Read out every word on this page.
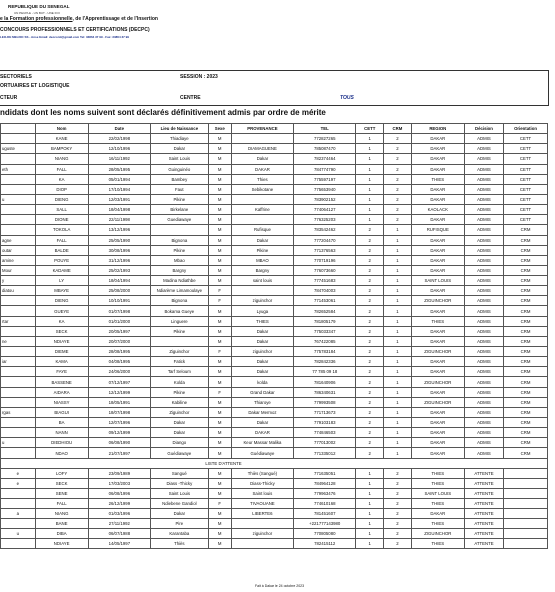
REPUBLIQUE DU SENEGAL
UN PEUPLE - UN BUT - UNE FOI
e la Formation professionnelle, de l'Apprentissage et de l'Insertion
CONCOURS PROFESSIONNELS ET CERTIFICATIONS (DECPC)
LEO-DE MELDIC SS - Anse Email: decconti@gmail.com Tel: 33864 37 99 - Fax: 33864 37 99
SECTORIELS
ORTUAIRES ET LOGISTIQUE
SESSION : 2023
CTEUR	CENTRE	TOUS
ndidats dont les noms suivent sont déclarés définitivement admis par ordre de mérite
	Nom	Date	Lieu de Naissance	Sexe	PROVENANCE	TEL	CETT	CRM	REGION	Décision	Orientation
	KANE	22/02/1998	Thiadiaye	M		772827265	1	2	DAKAR	ADMIS	CETT
uguste	BAMPOKY	12/10/1996	Dakar	M	DIAMAGUENE	785087470	1	2	DAKAR	ADMIS	CETT
	NIANG	16/11/1992	Saint Louis	M	Dakar	782374464	1	2	DAKAR	ADMIS	CETT
eth	FALL	28/05/1995	Guinguinéo	M	DAKAR	784774790	1	2	DAKAR	ADMIS	CETT
	KA	05/01/1994	Bambey	M	Thies	775597197	1	2	THIES	ADMIS	CETT
	DIOP	17/10/1994	Faut	M	Sebikotane	775653940	1	2	DAKAR	ADMIS	CETT
u	DIENG	12/03/1991	Pikine	M		783902152	1	2	DAKAR	ADMIS	CETT
	SALL	18/04/1998	Birkelane	M	Kaffrine	774064127	1	2	KAOLACK	ADMIS	CETT
	DIONE	22/11/1998	Guediawaye	M		776325203	1	2	DAKAR	ADMIS	CETT
	TOKOLA	13/12/1996		M	Rufisque	783542462	2	1	RUFISQUE	ADMIS	CRM
agne	FALL	25/05/1990	Bignona	M	Dakar	777204470	2	1	DAKAR	ADMIS	CRM
outar	BALDE	30/08/1996	Pikine	M	Pikine	771376563	2	1	DAKAR	ADMIS	CRM
amine	POUYE	31/12/1996	Mbao	M	MBAO	770719196	2	1	DAKAR	ADMIS	CRM
Mour	KADAME	25/02/1993	Bargny	M	Bargny	776073660	2	1	DAKAR	ADMIS	CRM
y	LY	18/04/1994	Madina Ndiathbe	M	saint louis	777451683	2	1	SAINT LOUIS	ADMIS	CRM
diatou	MBAYE	25/08/2000	Ndiarème Limamoulaye	F		784704003	2	1	DAKAR	ADMIS	CRM
	DIENG	10/10/1991	Bignona	F	ziguinchor	771453061	2	1	ZIGUINCHOR	ADMIS	CRM
	GUEYE	01/07/1998	Bokama Gueye	M	Lyuga	782652584	2	1	DAKAR	ADMIS	CRM
rtar	KA	01/01/2000	Linguere	M	THIES	781805179	2	1	THIES	ADMIS	CRM
	SECK	20/05/1997	Pikine	M	Dakar	775033347	2	1	DAKAR	ADMIS	CRM
ne	NDIAYE	20/07/2000		M	Dakar	767422085	2	1	DAKAR	ADMIS	CRM
	DIEME	28/08/1995	Ziguinchor	F	ziguinchor	775783184	2	1	ZIGUINCHOR	ADMIS	CRM
iar	KAMA	04/08/1995	Fatick	M	Dakar	782842336	2	1	DAKAR	ADMIS	CRM
	FAYE	24/06/2000	Tarf Seloum	M	Dakar	77 785 09 18	2	1	DAKAR	ADMIS	CRM
	BASSENE	07/12/1997	Kolda	M	kolda	781640906	2	1	ZIGUINCHOR	ADMIS	CRM
	AIDARA	12/12/1999	Pikine	F	Grand Dakar	786340631	2	1	DAKAR	ADMIS	CRM
	NIASSY	18/05/1991	Kabiline	M	Thiaroye	779993508	2	1	ZIGUINCHOR	ADMIS	CRM
rgas	BIAGUI	18/07/1998	Ziguinchor	M	Dakar Mermoz	771713673	2	1	DAKAR	ADMIS	CRM
	BA	12/07/1996	Dakar	M	Dakar	779103183	2	1	DAKAR	ADMIS	CRM
	NANN	09/12/1999	Dakar	M	DAKAR	774846503	2	1	DAKAR	ADMIS	CRM
u	DIEDHIOU	06/08/1990	Diango	M	Keur Massar Malika	777013002	2	1	DAKAR	ADMIS	CRM
	NDAO	21/07/1997	Guédiawaye	M	Guédiawaye	771335012	2	1	DAKAR	ADMIS	CRM
LISTE D'ATTENTE											
e	LOFY	23/09/1989	Sangué	M	Thiès (Sangué)	771635051	1	2	THIES	ATTENTE	
e	SECK	17/03/2003	Diass -Thicky	M	Diass-Thicky	784964128	1	2	THIES	ATTENTE	
	SENE	06/08/1996	Saint Louis	M	Saint louis	779963476	1	2	SAINT LOUIS	ATTENTE	
	FALL	26/12/1999	Ndiebene Gandiol	F	TIVAOUANE	774610168	1	2	THIES	ATTENTE	
a	NIANG	01/03/1996	Dakar	M	LIBERTE6	781451607	1	2	DAKAR	ATTENTE	
	BANE	27/11/1992	Pire	M		+221777143980	1	2	THIES	ATTENTE	
u	DIBA	06/07/1988	Karantaba	M	ziguinchor	770805080	1	2	ZIGUINCHOR	ATTENTE	
	NDIAYE	14/05/1997	Thiès	M		782415112	1	2	THIES	ATTENTE	
Fait à Dakar le 24 octobre 2023
